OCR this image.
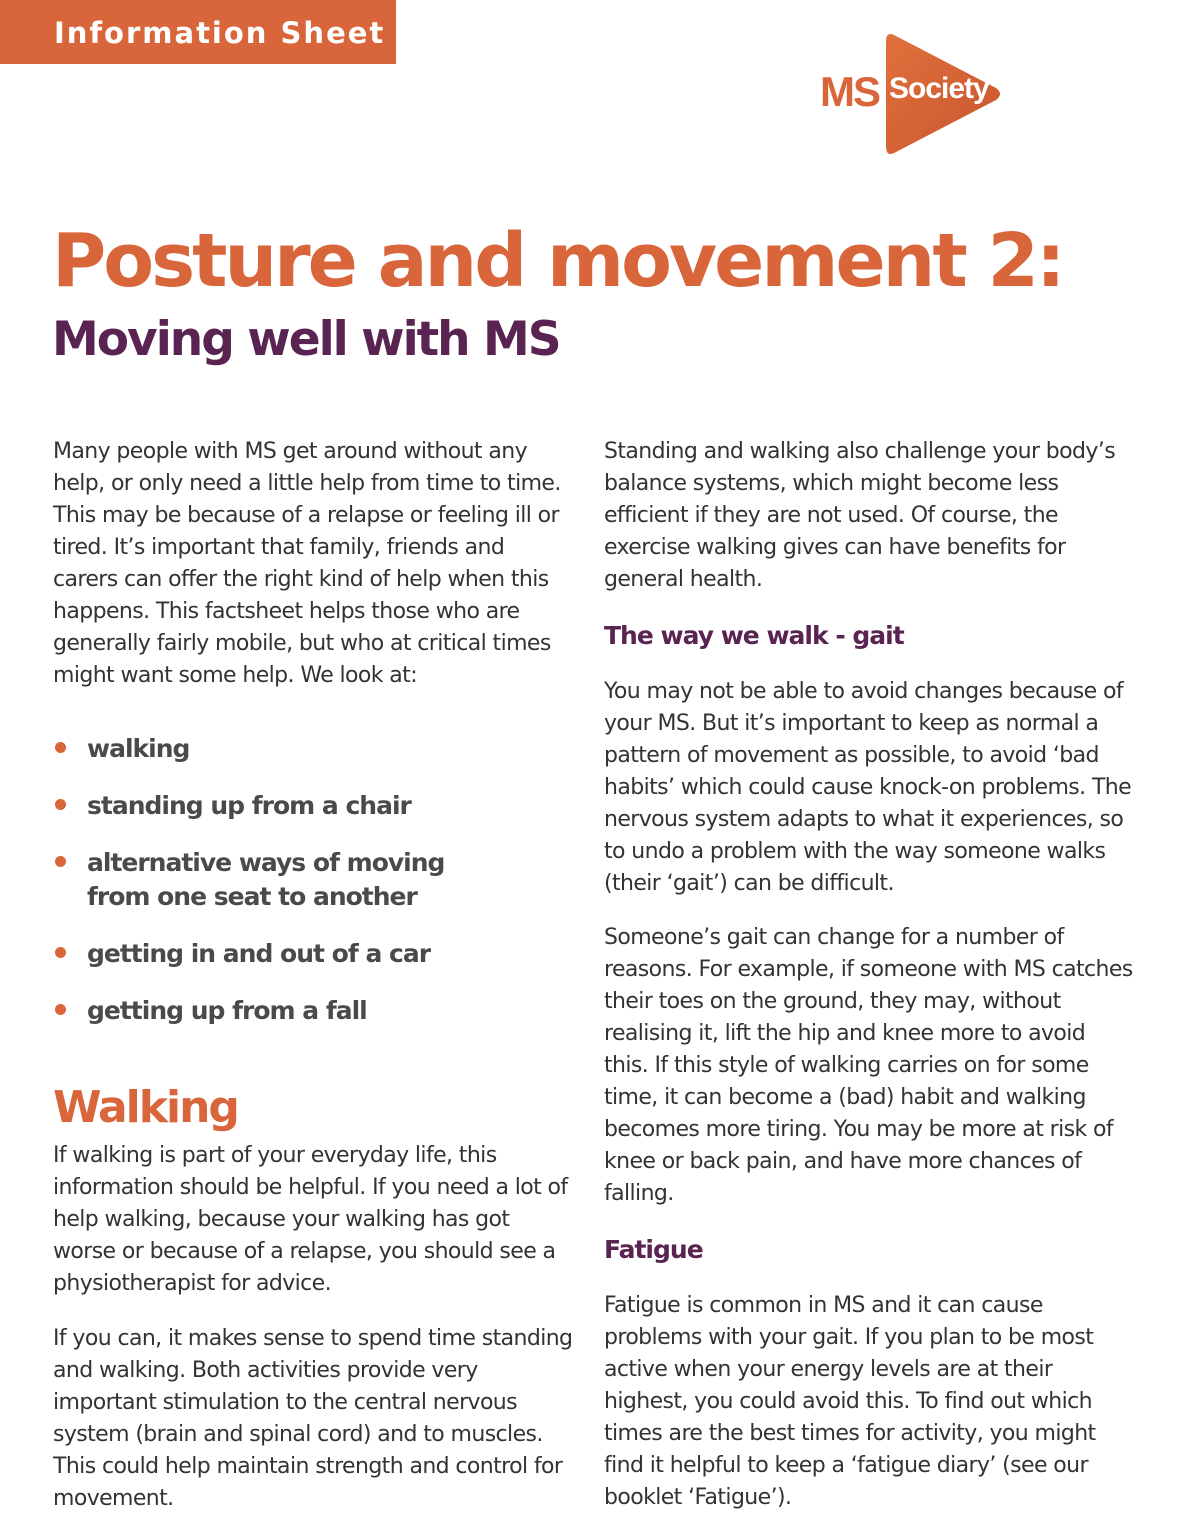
Information Sheet
MS Society
Posture and movement 2:
Moving well with MS

Many people with MS get around without any help, or only need a little help from time to time. This may be because of a relapse or feeling ill or tired. It’s important that family, friends and carers can offer the right kind of help when this happens. This factsheet helps those who are generally fairly mobile, but who at critical times might want some help. We look at:

walking
standing up from a chair
alternative ways of moving from one seat to another
getting in and out of a car
getting up from a fall
Walking

If walking is part of your everyday life, this information should be helpful. If you need a lot of help walking, because your walking has got worse or because of a relapse, you should see a physiotherapist for advice.

If you can, it makes sense to spend time standing and walking. Both activities provide very important stimulation to the central nervous system (brain and spinal cord) and to muscles. This could help maintain strength and control for movement.

Standing and walking also challenge your body’s balance systems, which might become less efficient if they are not used. Of course, the exercise walking gives can have benefits for general health.

The way we walk - gait

You may not be able to avoid changes because of your MS. But it’s important to keep as normal a pattern of movement as possible, to avoid ‘bad habits’ which could cause knock-on problems. The nervous system adapts to what it experiences, so to undo a problem with the way someone walks (their ‘gait’) can be difficult.

Someone’s gait can change for a number of reasons. For example, if someone with MS catches their toes on the ground, they may, without realising it, lift the hip and knee more to avoid this. If this style of walking carries on for some time, it can become a (bad) habit and walking becomes more tiring. You may be more at risk of knee or back pain, and have more chances of falling.

Fatigue

Fatigue is common in MS and it can cause problems with your gait. If you plan to be most active when your energy levels are at their highest, you could avoid this. To find out which times are the best times for activity, you might find it helpful to keep a ‘fatigue diary’ (see our booklet ‘Fatigue’).
